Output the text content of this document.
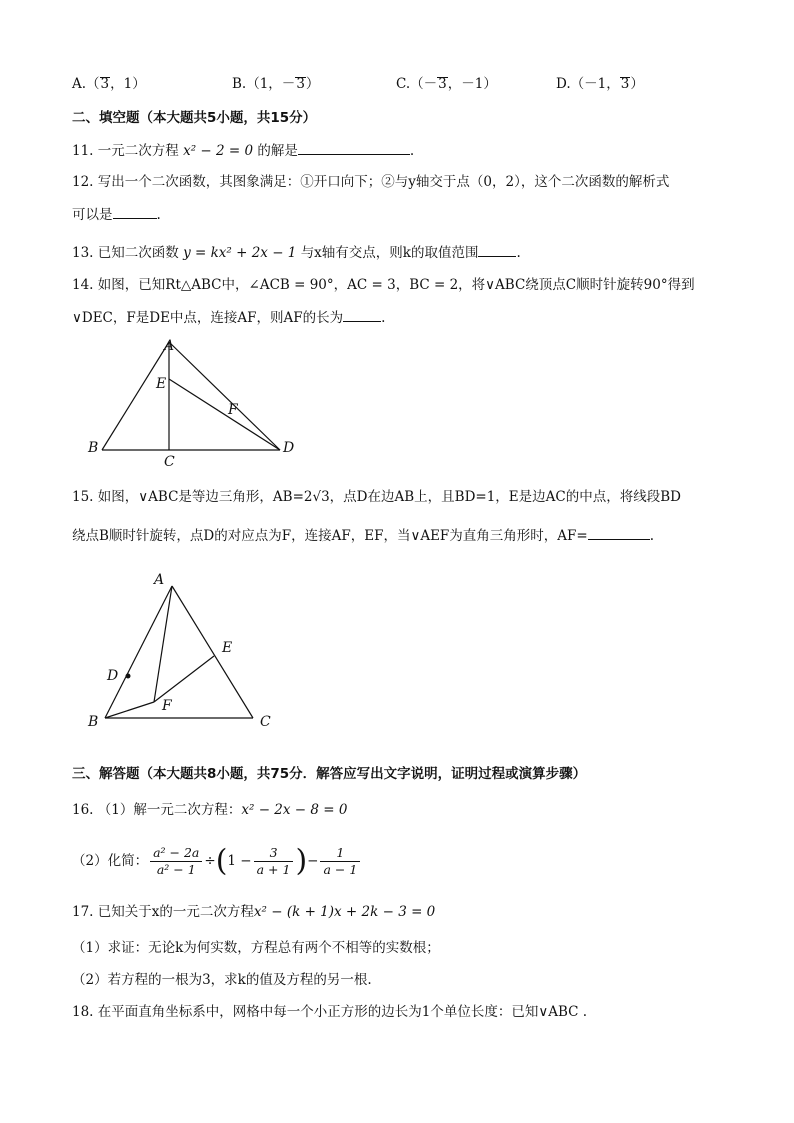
A.（3，1）	B.（1，－3）	C.（－3，－1）	D.（－1，3）
二、填空题（本大题共5小题，共15分）
11. 一元二次方程 x² − 2 = 0 的解是	.
12. 写出一个二次函数，其图象满足：①开口向下；②与y轴交于点（0，2），这个二次函数的解析式
可以是	.
13. 已知二次函数 y = kx² + 2x − 1 与x轴有交点，则k的取值范围	.
14. 如图，已知Rt△ABC中，∠ACB = 90°，AC = 3，BC = 2，将∨ABC绕顶点C顺时针旋转90°得到
∨DEC，F是DE中点，连接AF，则AF的长为	.
A
B
C
D
E
F
15. 如图，∨ABC是等边三角形，AB=2√3，点D在边AB上，且BD=1，E是边AC的中点，将线段BD
绕点B顺时针旋转，点D的对应点为F，连接AF，EF，当∨AEF为直角三角形时，AF=	.
A
B	C
D
E
F
三、解答题（本大题共8小题，共75分．解答应写出文字说明，证明过程或演算步骤）
16. （1）解一元二次方程：x² − 2x − 8 = 0
（2）化简： $\frac{\text{a² − 2a}}{\text{a² − 1}} \div(1 - \frac{3}{a + 1}$ )− $\frac{1}{a - 1}$
17. 已知关于x的一元二次方程x² − (k + 1)x + 2k − 3 = 0
（1）求证：无论k为何实数，方程总有两个不相等的实数根；
（2）若方程的一根为3，求k的值及方程的另一根.
18. 在平面直角坐标系中，网格中每一个小正方形的边长为1个单位长度：已知∨ABC .
